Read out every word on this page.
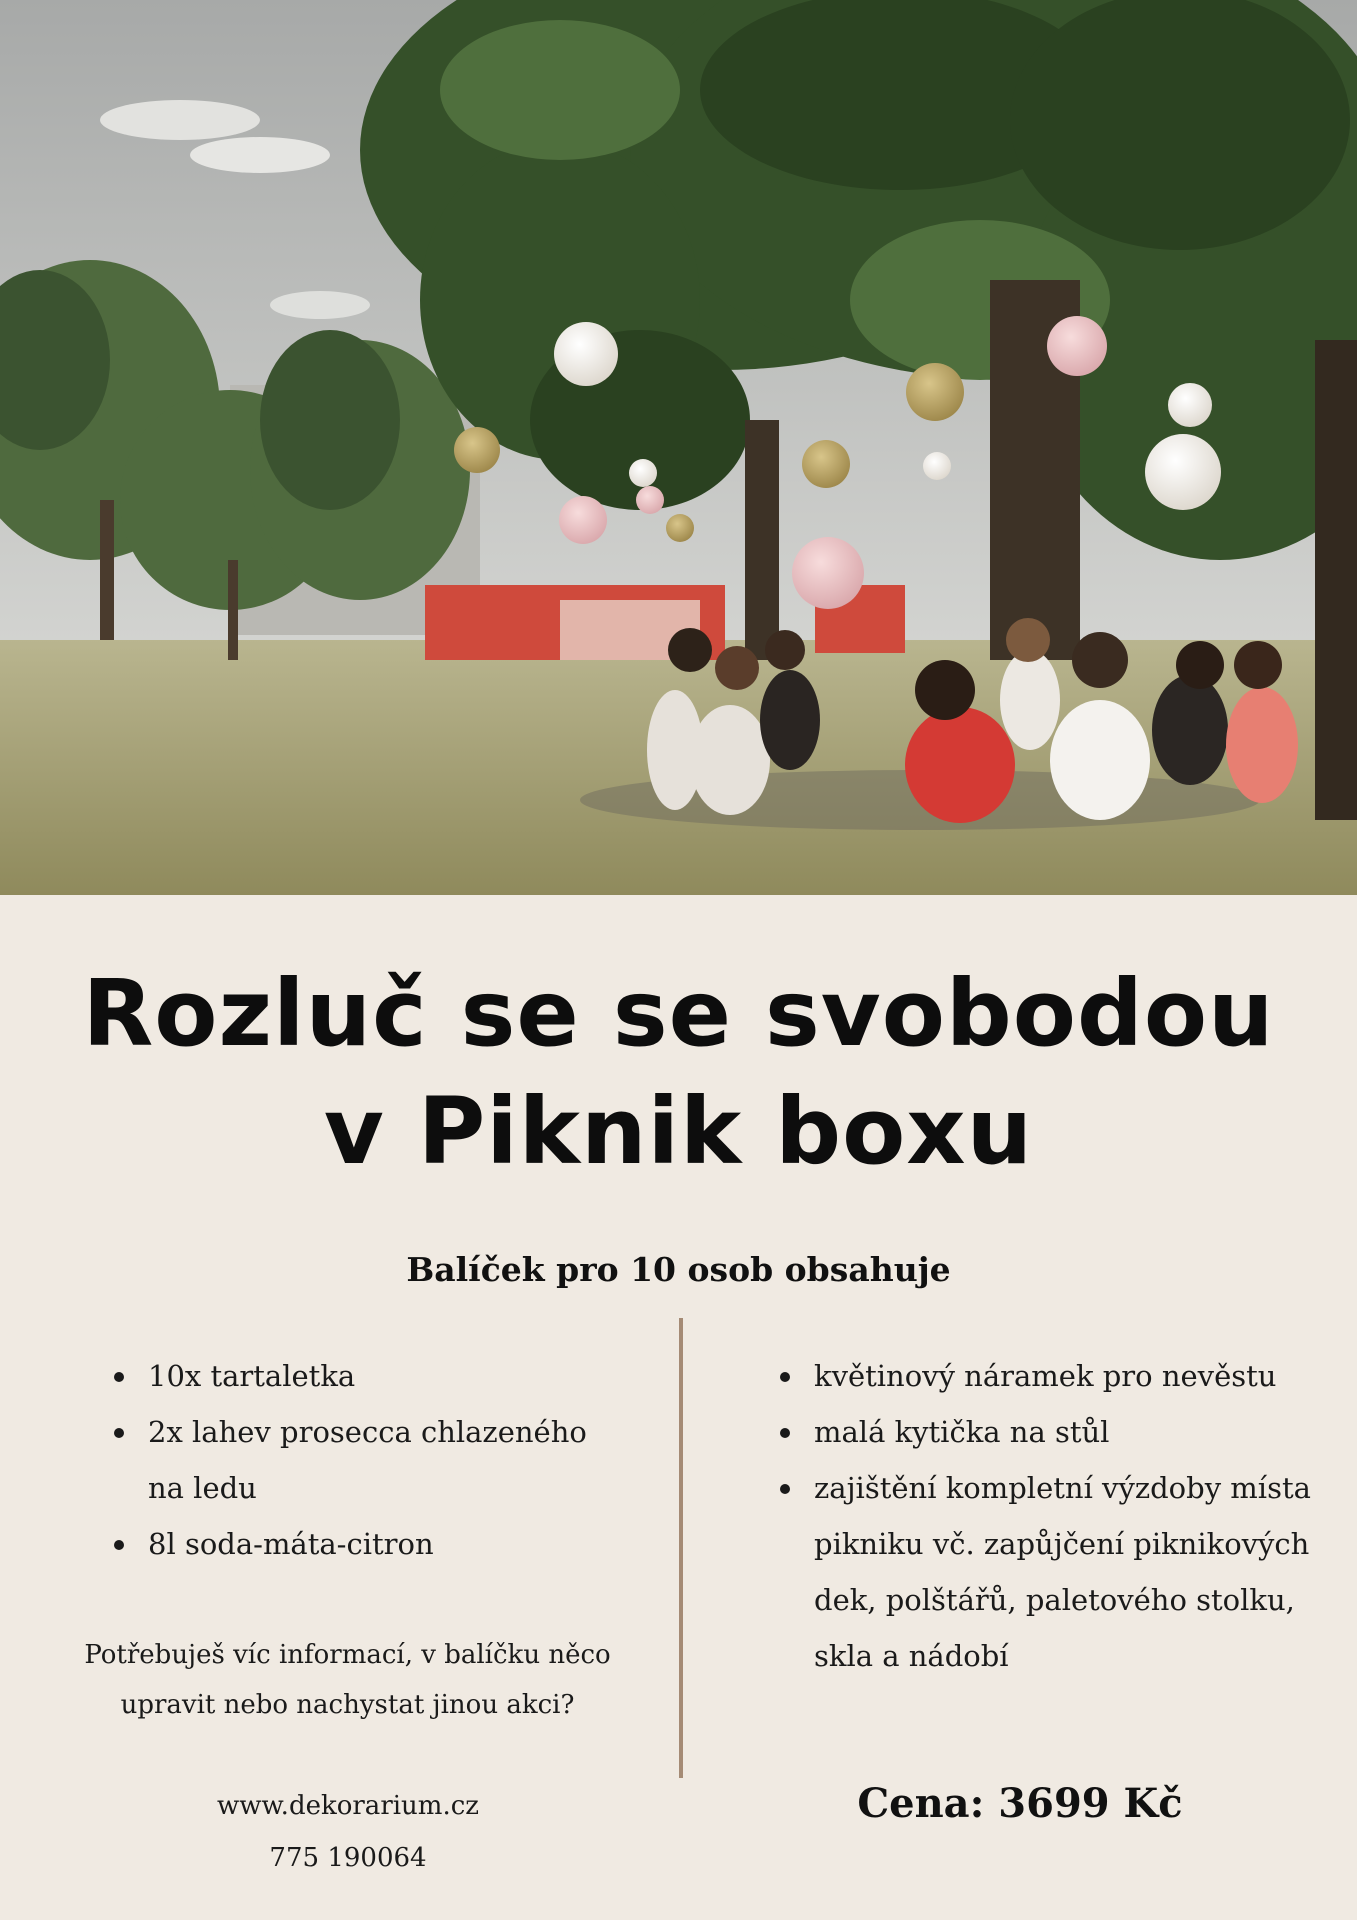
Rozluč se se svobodou
v Piknik boxu
Balíček pro 10 osob obsahuje
10x tartaletka
2x lahev prosecca chlazeného na ledu
8l soda-máta-citron
květinový náramek pro nevěstu
malá kytička na stůl
zajištění kompletní výzdoby místa pikniku vč. zapůjčení piknikových dek, polštářů, paletového stolku, skla a nádobí
Potřebuješ víc informací, v balíčku něco
upravit nebo nachystat jinou akci?
www.dekorarium.cz
775 190064
Cena: 3699 Kč
